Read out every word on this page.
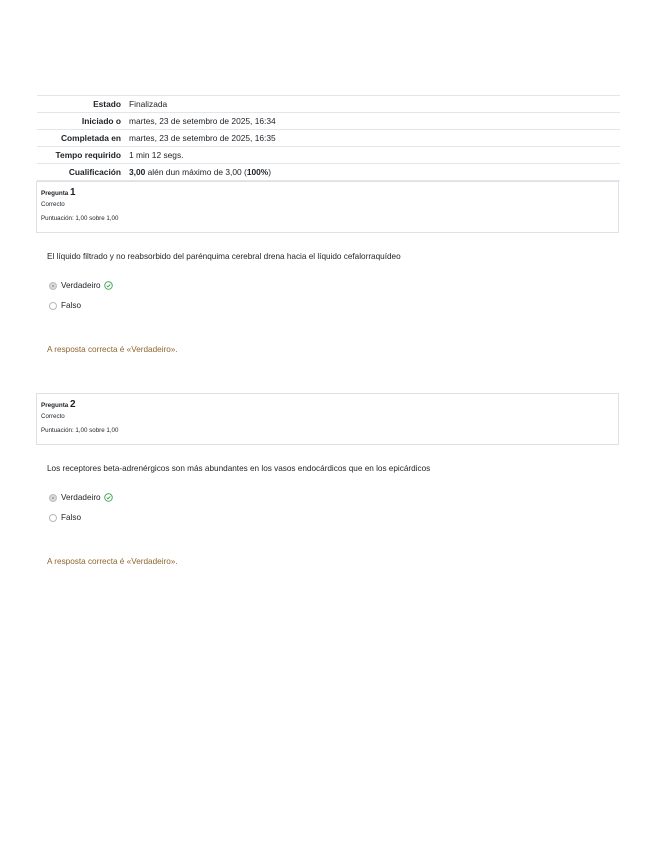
Estado	Finalizada
Iniciado o	martes, 23 de setembro de 2025, 16:34
Completada en	martes, 23 de setembro de 2025, 16:35
Tempo requirido	1 min 12 segs.
Cualificación	3,00 alén dun máximo de 3,00 (100%)
Pregunta 1
Correcto
Puntuación: 1,00 sobre 1,00
El líquido filtrado y no reabsorbido del parénquima cerebral drena hacia el líquido cefalorraquídeo
Verdadeiro
Falso
A resposta correcta é «Verdadeiro».
Pregunta 2
Correcto
Puntuación: 1,00 sobre 1,00
Los receptores beta-adrenérgicos son más abundantes en los vasos endocárdicos que en los epicárdicos
Verdadeiro
Falso
A resposta correcta é «Verdadeiro».
